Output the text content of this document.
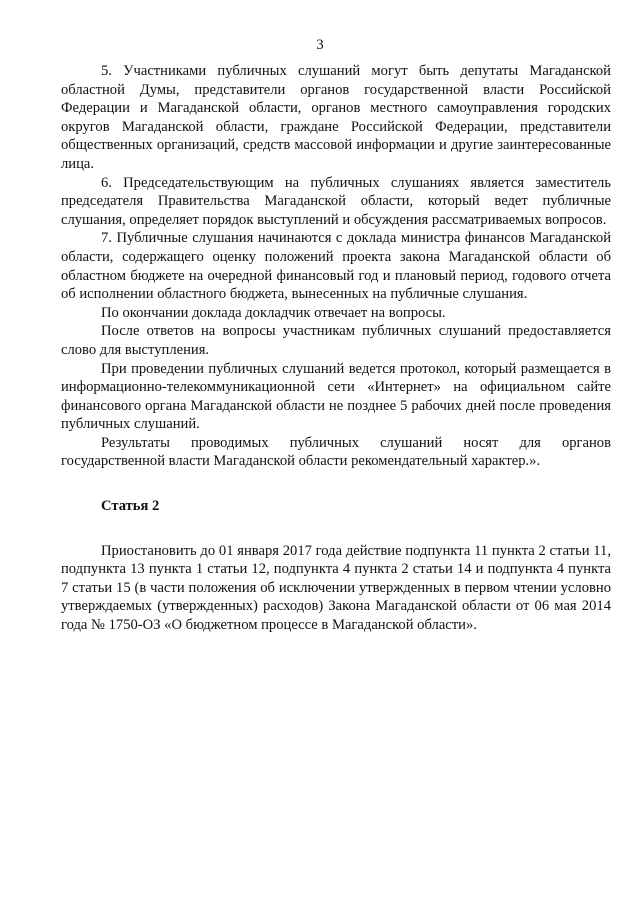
3

5. Участниками публичных слушаний могут быть депутаты Магаданской областной Думы, представители органов государственной власти Российской Федерации и Магаданской области, органов местного самоуправления городских округов Магаданской области, граждане Российской Федерации, представители общественных организаций, средств массовой информации и другие заинтересованные лица.

6. Председательствующим на публичных слушаниях является заместитель председателя Правительства Магаданской области, который ведет публичные слушания, определяет порядок выступлений и обсуждения рассматриваемых вопросов.

7. Публичные слушания начинаются с доклада министра финансов Магаданской области, содержащего оценку положений проекта закона Магаданской области об областном бюджете на очередной финансовый год и плановый период, годового отчета об исполнении областного бюджета, вынесенных на публичные слушания.

По окончании доклада докладчик отвечает на вопросы.

После ответов на вопросы участникам публичных слушаний предоставляется слово для выступления.

При проведении публичных слушаний ведется протокол, который размещается в информационно-телекоммуникационной сети «Интернет» на официальном сайте финансового органа Магаданской области не позднее 5 рабочих дней после проведения публичных слушаний.

Результаты проводимых публичных слушаний носят для органов государственной власти Магаданской области рекомендательный характер.».

Статья 2

Приостановить до 01 января 2017 года действие подпункта 11 пункта 2 статьи 11, подпункта 13 пункта 1 статьи 12, подпункта 4 пункта 2 статьи 14 и подпункта 4 пункта 7 статьи 15 (в части положения об исключении утвержденных в первом чтении условно утверждаемых (утвержденных) расходов) Закона Магаданской области от 06 мая 2014 года № 1750-ОЗ «О бюджетном процессе в Магаданской области».
